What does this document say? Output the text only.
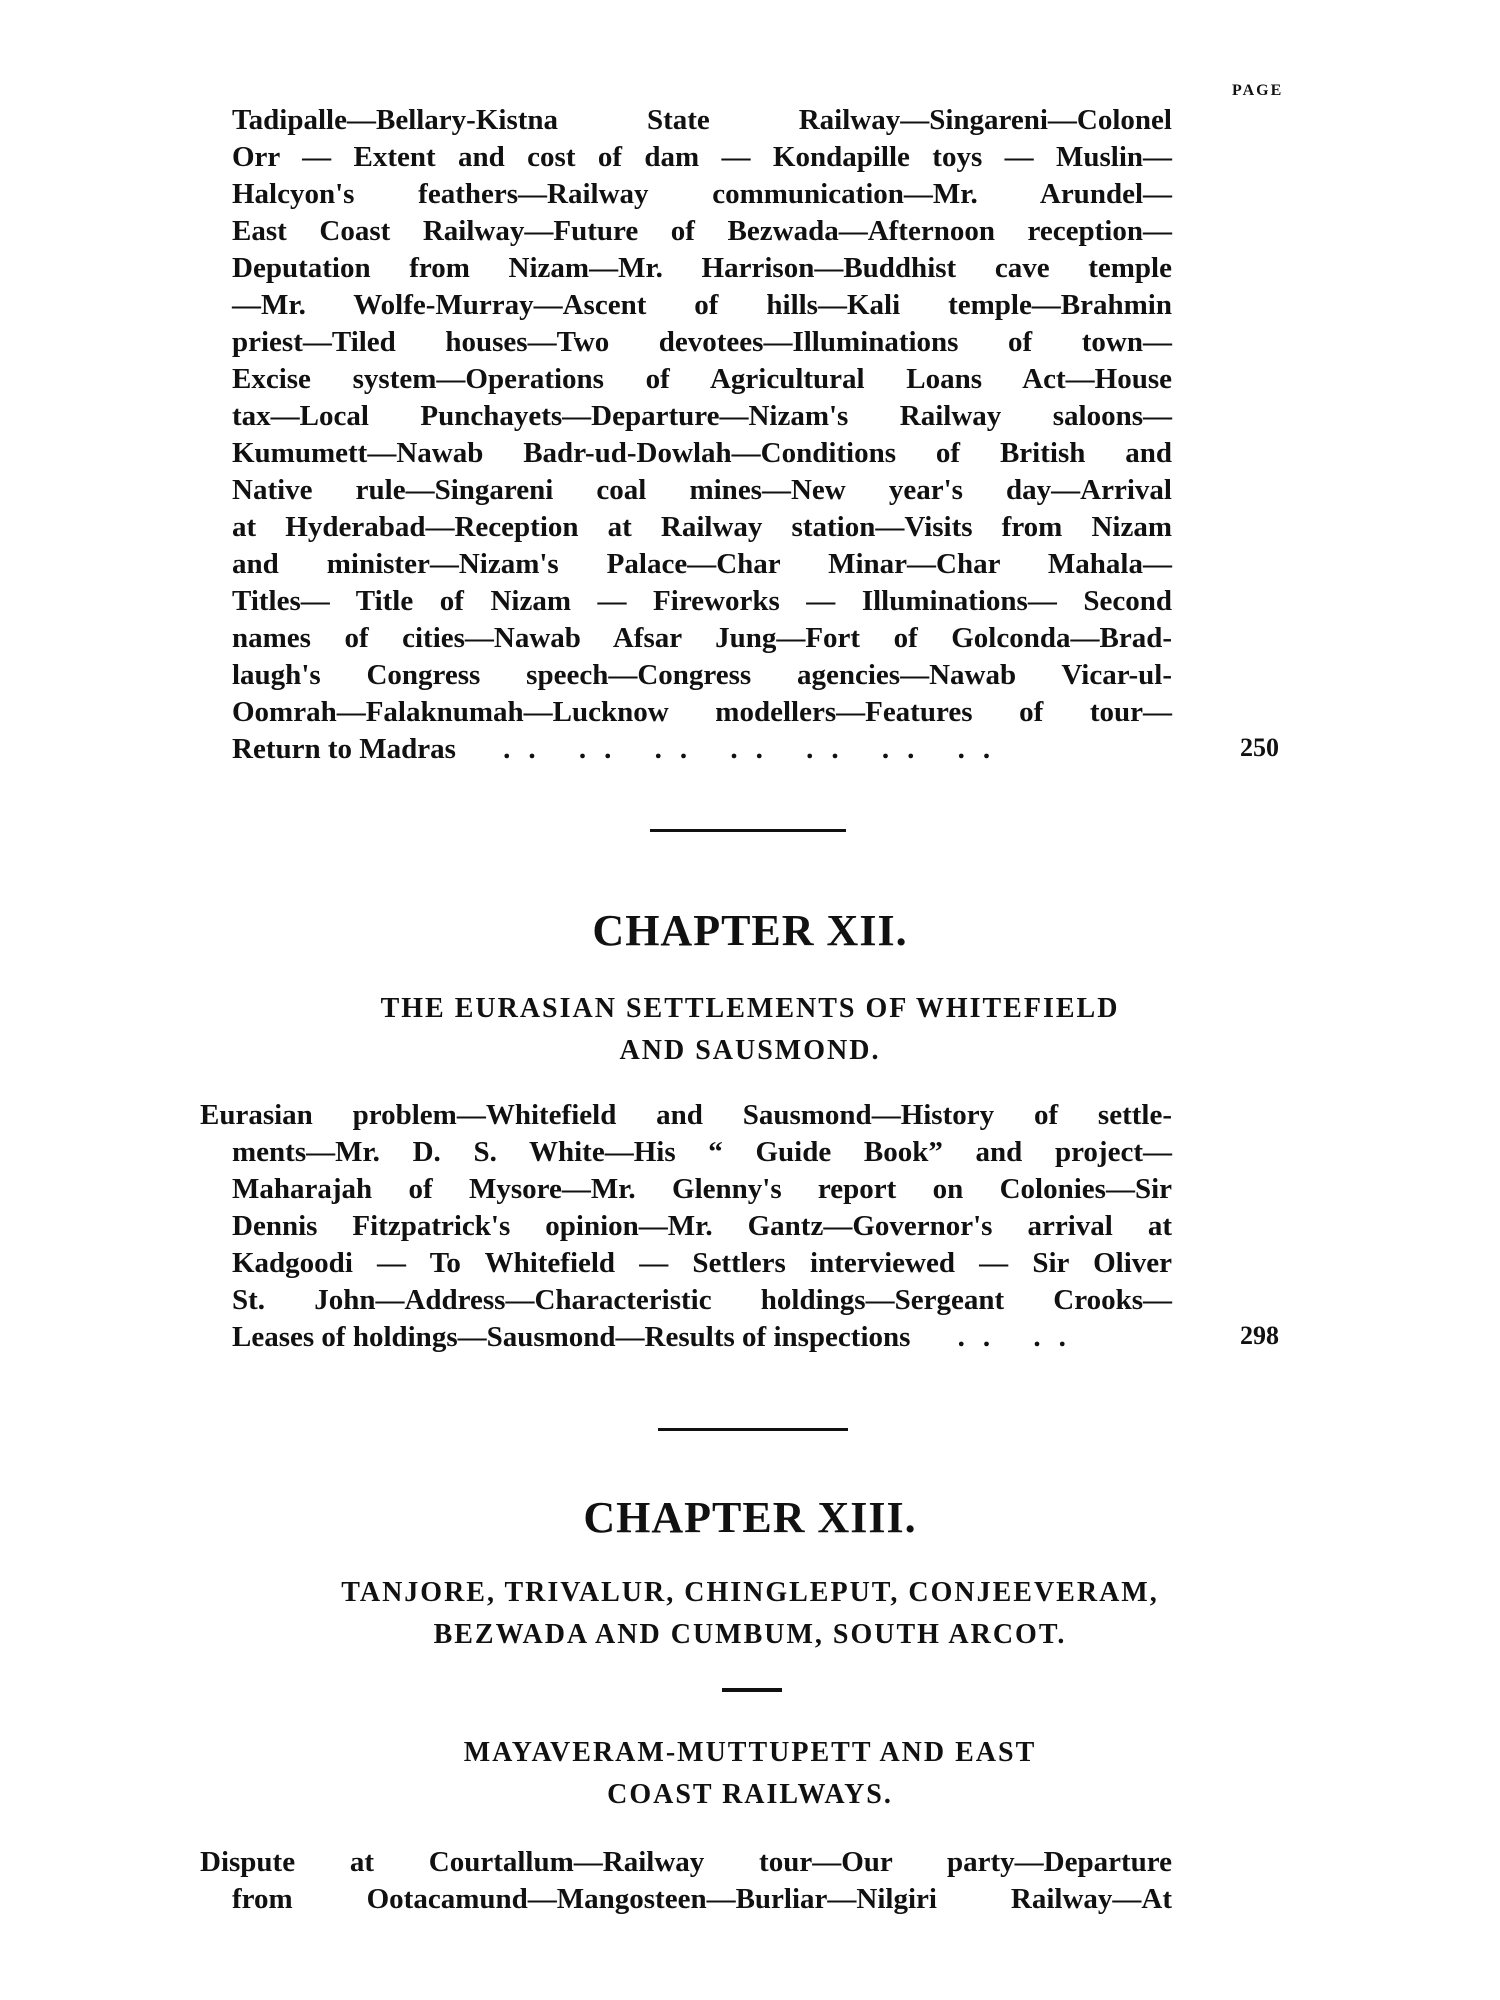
PAGE
Tadipalle—Bellary-Kistna State Railway—Singareni—Colonel
Orr — Extent and cost of dam — Kondapille toys — Muslin—
Halcyon's feathers—Railway communication—Mr. Arundel—
East Coast Railway—Future of Bezwada—Afternoon reception—
Deputation from Nizam—Mr. Harrison—Buddhist cave temple
—Mr. Wolfe-Murray—Ascent of hills—Kali temple—Brahmin
priest—Tiled houses—Two devotees—Illuminations of town—
Excise system—Operations of Agricultural Loans Act—House
tax—Local Punchayets—Departure—Nizam's Railway saloons—
Kumumett—Nawab Badr-ud-Dowlah—Conditions of British and
Native rule—Singareni coal mines—New year's day—Arrival
at Hyderabad—Reception at Railway station—Visits from Nizam
and minister—Nizam's Palace—Char Minar—Char Mahala—
Titles— Title of Nizam — Fireworks — Illuminations— Second
names of cities—Nawab Afsar Jung—Fort of Golconda—Brad-
laugh's Congress speech—Congress agencies—Nawab Vicar-ul-
Oomrah—Falaknumah—Lucknow modellers—Features of tour—
Return to Madras .. .. .. .. .. .. ..	250
CHAPTER XII.
THE EURASIAN SETTLEMENTS OF WHITEFIELD
AND SAUSMOND.
Eurasian problem—Whitefield and Sausmond—History of settle-
ments—Mr. D. S. White—His “ Guide Book” and project—
Maharajah of Mysore—Mr. Glenny's report on Colonies—Sir
Dennis Fitzpatrick's opinion—Mr. Gantz—Governor's arrival at
Kadgoodi — To Whitefield — Settlers interviewed — Sir Oliver
St. John—Address—Characteristic holdings—Sergeant Crooks—
Leases of holdings—Sausmond—Results of inspections .. ..	298
CHAPTER XIII.
TANJORE, TRIVALUR, CHINGLEPUT, CONJEEVERAM,
BEZWADA AND CUMBUM, SOUTH ARCOT.
MAYAVERAM-MUTTUPETT AND EAST
COAST RAILWAYS.
Dispute at Courtallum—Railway tour—Our party—Departure
from Ootacamund—Mangosteen—Burliar—Nilgiri Railway—At
